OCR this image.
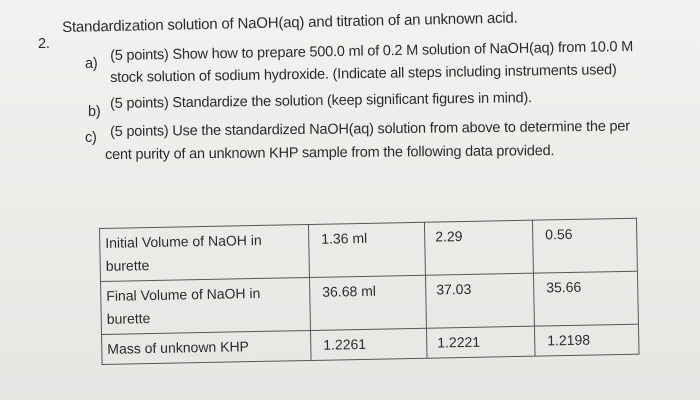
2.
Standardization solution of NaOH(aq) and titration of an unknown acid.
a)
(5 points) Show how to prepare 500.0 ml of 0.2 M solution of NaOH(aq) from 10.0 M
stock solution of sodium hydroxide. (Indicate all steps including instruments used)
b)
(5 points) Standardize the solution (keep significant figures in mind).
c) (5 points) Use the standardized NaOH(aq) solution from above to determine the per
cent purity of an unknown KHP sample from the following data provided.
Initial Volume of NaOH in
burette	1.36 ml	2.29	0.56
Final Volume of NaOH in
burette	36.68 ml	37.03	35.66
Mass of unknown KHP	1.2261	1.2221	1.2198
